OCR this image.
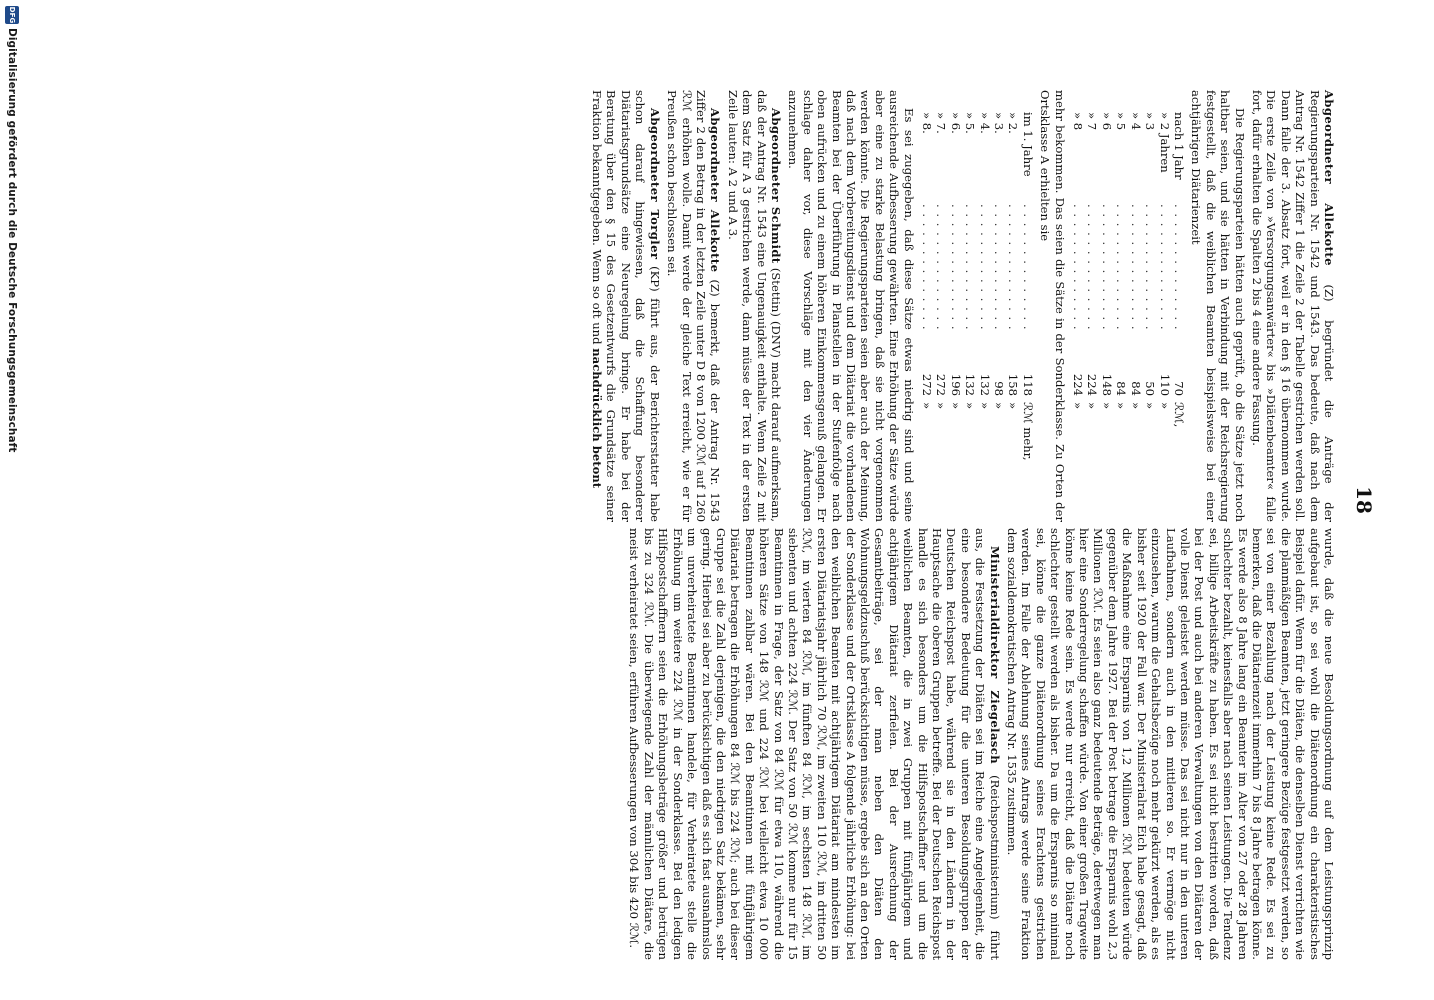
18

Abgeordneter Allekotte (Z) begründet die Anträge der Regierungsparteien Nr. 1542 und 1543. Das bedeute, daß nach dem Antrag Nr. 1542 Ziffer 1 die Zeile 2 der Tabelle gestrichen werden soll. Dann falle der 3. Absatz fort, weil er in den § 16 übernommen wurde. Die erste Zeile von »Versorgungsanwärter« bis »Diätenbeamter« falle fort, dafür erhalten die Spalten 2 bis 4 eine andere Fassung.

Die Regierungsparteien hätten auch geprüft, ob die Sätze jetzt noch haltbar seien, und sie hätten in Verbindung mit der Reichsregierung festgestellt, daß die weiblichen Beamten beispielsweise bei einer achtjährigen Diätarienzeit

nach 1 Jahr	. . . . . . . . . . . . . .	70	ℛℳ,
» 2 Jahren	. . . . . . . . . . . . . .	110	»
» 3	. . . . . . . . . . . . . .	50	»
» 4	. . . . . . . . . . . . . .	84	»
» 5	. . . . . . . . . . . . . .	84	»
» 6	. . . . . . . . . . . . . .	148	»
» 7	. . . . . . . . . . . . . .	224	»
» 8	. . . . . . . . . . . . . .	224	»

mehr bekommen. Das seien die Sätze in der Sonderklasse. Zu Orten der Ortsklasse A erhielten sie

im 1. Jahre	. . . . . . . . . . . . . .	118	ℛℳ mehr,
» 2.	. . . . . . . . . . . . . .	158	»
» 3.	. . . . . . . . . . . . . .	98	»
» 4.	. . . . . . . . . . . . . .	132	»
» 5.	. . . . . . . . . . . . . .	132	»
» 6.	. . . . . . . . . . . . . .	196	»
» 7.	. . . . . . . . . . . . . .	272	»
» 8.	. . . . . . . . . . . . . .	272	»

Es sei zugegeben, daß diese Sätze etwas niedrig sind und seine ausreichende Aufbesserung gewährten. Eine Erhöhung der Sätze würde aber eine zu starke Belastung bringen, daß sie nicht vorgenommen werden könnte. Die Regierungsparteien seien aber auch der Meinung, daß nach dem Vorbereitungsdienst und dem Diätariat die vorhandenen Beamten bei der Überführung in Planstellen in der Stufenfolge nach oben aufrücken und zu einem höheren Einkommensgenuß gelangen. Er schlage daher vor, diese Vorschläge mit den vier Änderungen anzunehmen.

Abgeordneter Schmidt (Stettin) (DNV) macht darauf aufmerksam, daß der Antrag Nr. 1543 eine Ungenauigkeit enthalte. Wenn Zeile 2 mit dem Satz für A 3 gestrichen werde, dann müsse der Text in der ersten Zeile lauten: A 2 und A 3.

Abgeordneter Allekotte (Z) bemerkt, daß der Antrag Nr. 1543 Ziffer 2 den Betrag in der letzten Zeile unter D 8 von 1200 ℛℳ auf 1260 ℛℳ erhöhen wolle. Damit werde der gleiche Text erreicht, wie er für Preußen schon beschlossen sei.

Abgeordneter Torgler (KP) führt aus, der Berichterstatter habe schon darauf hingewiesen, daß die Schaffung besonderer Diätariatsgrundsätze eine Neuregelung bringe. Er habe bei der Beratung über den § 15 des Gesetzentwurfs die Grundsätze seiner Fraktion bekanntgegeben. Wenn so oft und nachdrücklich betont

wurde, daß die neue Besoldungsordnung auf dem Leistungsprinzip aufgebaut ist, so sei wohl die Diätenordnung ein charakteristisches Beispiel dafür. Wenn für die Diäten, die denselben Dienst verrichten wie die planmäßigen Beamten, jetzt geringere Bezüge festgesetzt werden, so sei von einer Bezahlung nach der Leistung keine Rede. Es sei zu bemerken, daß die Diätarienzeit immerhin 7 bis 8 Jahre betragen könne. Es werde also 8 Jahre lang ein Beamter im Alter von 27 oder 28 Jahren schlechter bezahlt, keinesfalls aber nach seinen Leistungen. Die Tendenz sei, billige Arbeitskräfte zu haben. Es sei nicht bestritten worden, daß bei der Post und auch bei anderen Verwaltungen von den Diätaren der volle Dienst geleistet werden müsse. Das sei nicht nur in den unteren Laufbahnen, sondern auch in den mittleren so. Er vermöge nicht einzusehen, warum die Gehaltsbezüge noch mehr gekürzt werden, als es bisher seit 1920 der Fall war. Der Ministerialrat Eich habe gesagt, daß die Maßnahme eine Ersparnis von 1,2 Millionen ℛℳ bedeuten würde gegenüber dem Jahre 1927. Bei der Post betrage die Ersparnis wohl 2,3 Millionen ℛℳ. Es seien also ganz bedeutende Beträge, deretwegen man hier eine Sonderregelung schaffen würde. Von einer großen Tragweite könne keine Rede sein. Es werde nur erreicht, daß die Diätare noch schlechter gestellt werden als bisher. Da um die Ersparnis so minimal sei, könne die ganze Diätenordnung seines Erachtens gestrichen werden. Im Falle der Ablehnung seines Antrags werde seine Fraktion dem sozialdemokratischen Antrag Nr. 1535 zustimmen.

Ministerialdirektor Ziegelasch (Reichspostministerium) führt aus, die Festsetzung der Diäten sei im Reiche eine Angelegenheit, die eine besondere Bedeutung für die unteren Besoldungsgruppen der Deutschen Reichspost habe, während sie in den Ländern in der Hauptsache die oberen Gruppen betreffe. Bei der Deutschen Reichspost handle es sich besonders um die Hilfspostschaffner und um die weiblichen Beamten, die in zwei Gruppen mit fünfjährigem und achtjährigem Diätariat zerfielen. Bei der Ausrechnung der Gesamtbeiträge, sei der man neben den Diäten den Wohnungsgeldzuschuß berücksichtigen müsse, ergebe sich an den Orten der Sonderklasse und der Ortsklasse A folgende jährliche Erhöhung: bei den weiblichen Beamten mit achtjährigem Diätariat am mindesten im ersten Diätariatsjahr jährlich 70 ℛℳ, im zweiten 110 ℛℳ, im dritten 50 ℛℳ, im vierten 84 ℛℳ, im fünften 84 ℛℳ, im sechsten 148 ℛℳ, im siebenten und achten 224 ℛℳ. Der Satz von 50 ℛℳ komme nur für 15 Beamtinnen in Frage, der Satz von 84 ℛℳ für etwa 110, während die höheren Sätze von 148 ℛℳ und 224 ℛℳ bei vielleicht etwa 10 000 Beamtinnen zahlbar wären. Bei den Beamtinnen mit fünfjährigem Diätariat betragen die Erhöhungen 84 ℛℳ bis 224 ℛℳ; auch bei dieser Gruppe sei die Zahl derjenigen, die den niedrigen Satz bekämen, sehr gering. Hierbei sei aber zu berücksichtigen daß es sich fast ausnahmslos um unverheiratete Beamtinnen handele, für Verheiratete stelle die Erhöhung um weitere 224 ℛℳ in der Sonderklasse. Bei den ledigen Hilfspostschaffnern seien die Erhöhungsbeträge größer und betrügen bis zu 324 ℛℳ. Die überwiegende Zahl der männlichen Diätare, die meist verheiratet seien, erführen Aufbesserungen von 304 bis 420 ℛℳ.

DFG
Digitalisierung gefördert durch die Deutsche Forschungsgemeinschaft
